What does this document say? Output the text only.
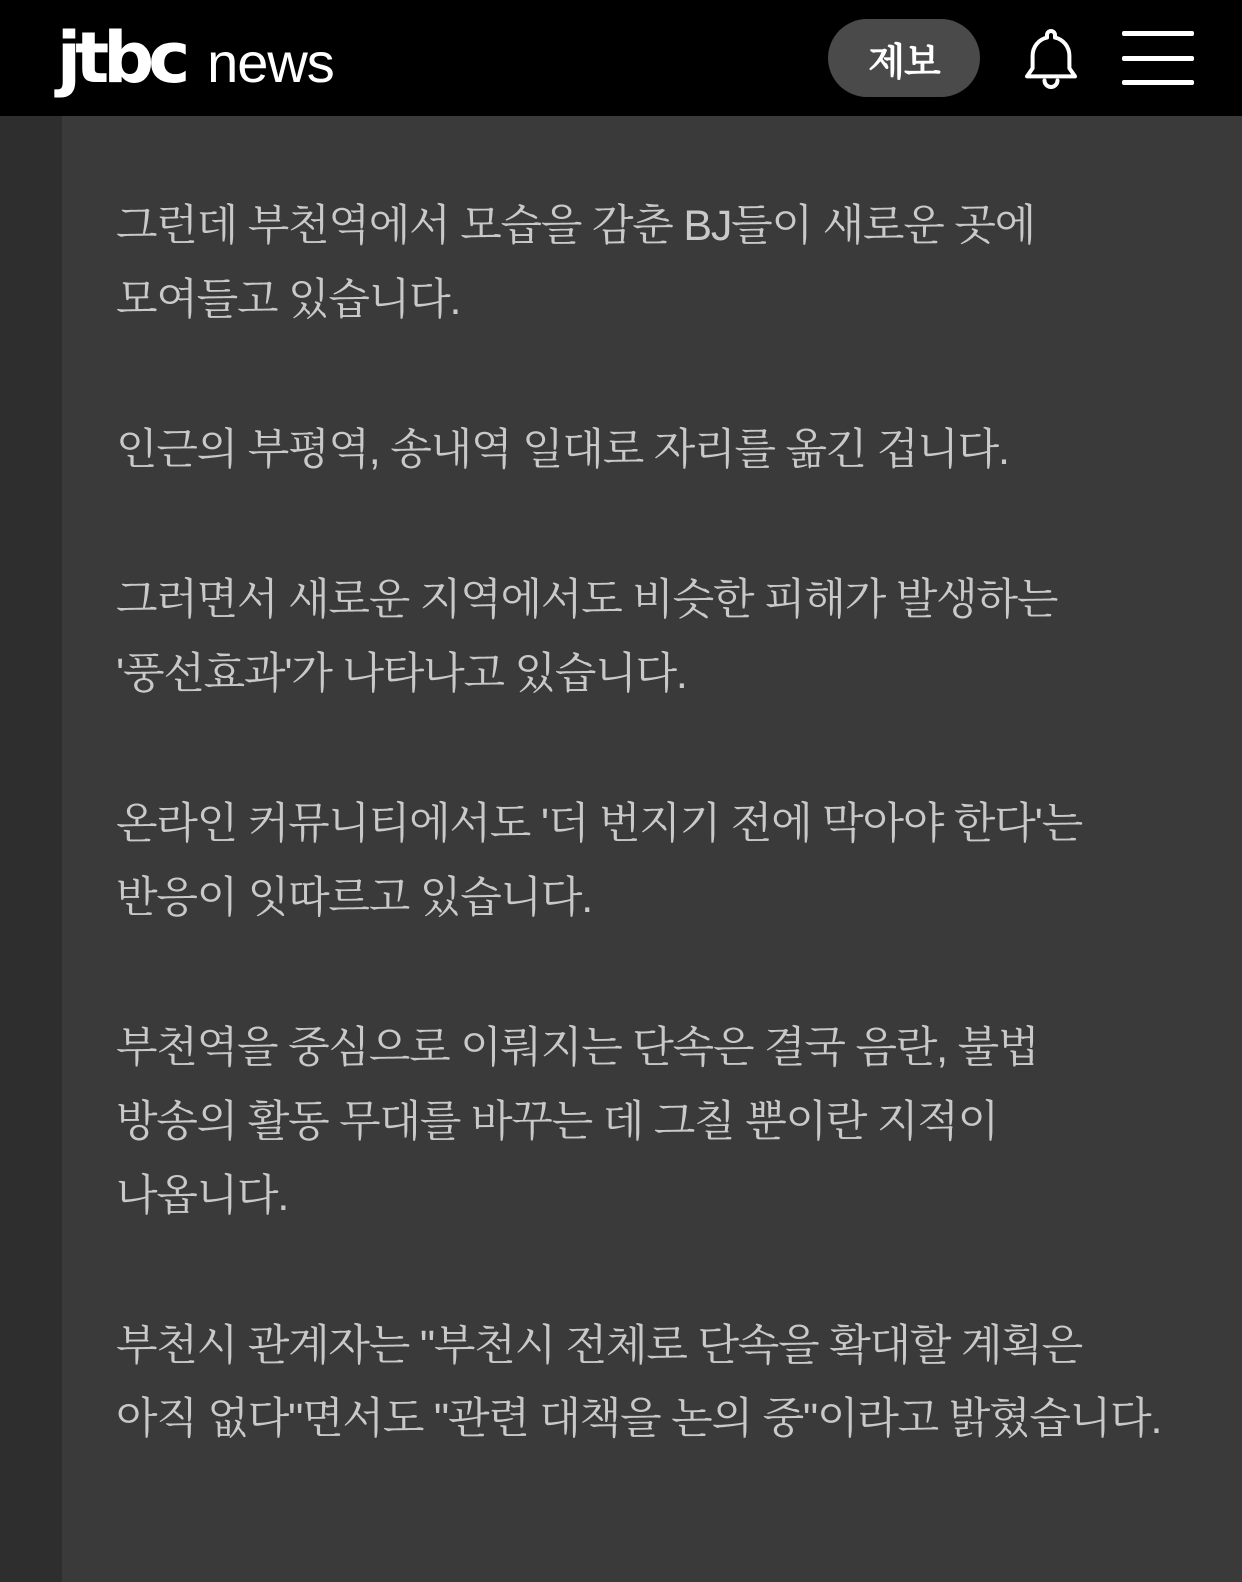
jtbc news	제보

그런데 부천역에서 모습을 감춘 BJ들이 새로운 곳에 모여들고 있습니다.

인근의 부평역, 송내역 일대로 자리를 옮긴 겁니다.

그러면서 새로운 지역에서도 비슷한 피해가 발생하는 '풍선효과'가 나타나고 있습니다.

온라인 커뮤니티에서도 '더 번지기 전에 막아야 한다'는 반응이 잇따르고 있습니다.

부천역을 중심으로 이뤄지는 단속은 결국 음란, 불법 방송의 활동 무대를 바꾸는 데 그칠 뿐이란 지적이 나옵니다.

부천시 관계자는 "부천시 전체로 단속을 확대할 계획은 아직 없다"면서도 "관련 대책을 논의 중"이라고 밝혔습니다.
